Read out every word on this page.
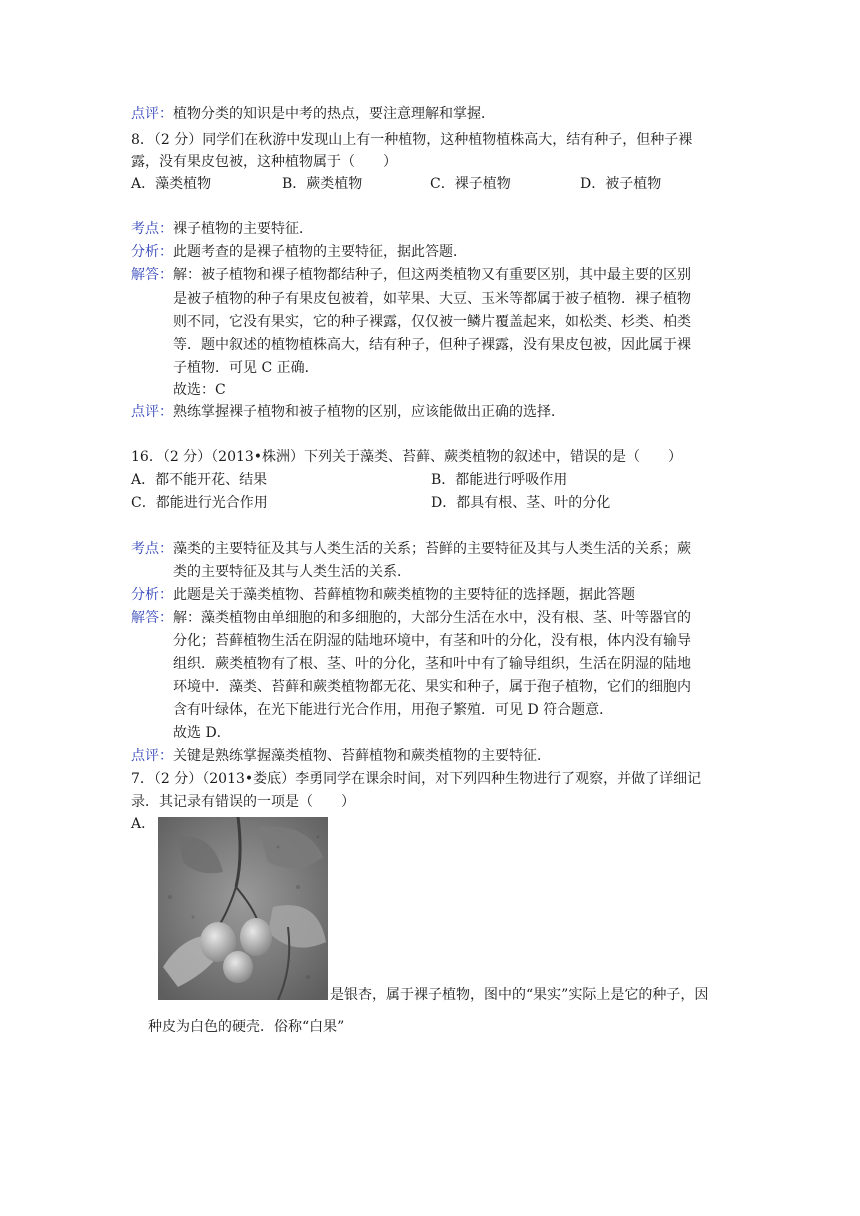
点评：植物分类的知识是中考的热点，要注意理解和掌握．
8．（2 分）同学们在秋游中发现山上有一种植物，这种植物植株高大，结有种子，但种子裸
露，没有果皮包被，这种植物属于（　　）
A．藻类植物	B．蕨类植物	C．裸子植物	D．被子植物
考点：裸子植物的主要特征．
分析：此题考查的是裸子植物的主要特征，据此答题．
解答：解：被子植物和裸子植物都结种子，但这两类植物又有重要区别，其中最主要的区别
是被子植物的种子有果皮包被着，如苹果、大豆、玉米等都属于被子植物．裸子植物
则不同，它没有果实，它的种子裸露，仅仅被一鳞片覆盖起来，如松类、杉类、柏类
等．题中叙述的植物植株高大，结有种子，但种子裸露，没有果皮包被，因此属于裸
子植物．可见 C 正确．
故选：C
点评：熟练掌握裸子植物和被子植物的区别，应该能做出正确的选择．
16．（2 分）（2013•株洲）下列关于藻类、苔藓、蕨类植物的叙述中，错误的是（　　）
A．都不能开花、结果	B．都能进行呼吸作用
C．都能进行光合作用	D．都具有根、茎、叶的分化
考点：藻类的主要特征及其与人类生活的关系；苔鲜的主要特征及其与人类生活的关系；蕨
类的主要特征及其与人类生活的关系．
分析：此题是关于藻类植物、苔藓植物和蕨类植物的主要特征的选择题，据此答题
解答：解：藻类植物由单细胞的和多细胞的，大部分生活在水中，没有根、茎、叶等器官的
分化；苔藓植物生活在阴湿的陆地环境中，有茎和叶的分化，没有根，体内没有输导
组织．蕨类植物有了根、茎、叶的分化，茎和叶中有了输导组织，生活在阴湿的陆地
环境中．藻类、苔藓和蕨类植物都无花、果实和种子，属于孢子植物，它们的细胞内
含有叶绿体，在光下能进行光合作用，用孢子繁殖．可见 D 符合题意．
故选 D．
点评：关键是熟练掌握藻类植物、苔藓植物和蕨类植物的主要特征．
7．（2 分）（2013•娄底）李勇同学在课余时间，对下列四种生物进行了观察，并做了详细记
录．其记录有错误的一项是（　　）
A．
是银杏，属于裸子植物，图中的“果实”实际上是它的种子，因
种皮为白色的硬壳．俗称“白果”
